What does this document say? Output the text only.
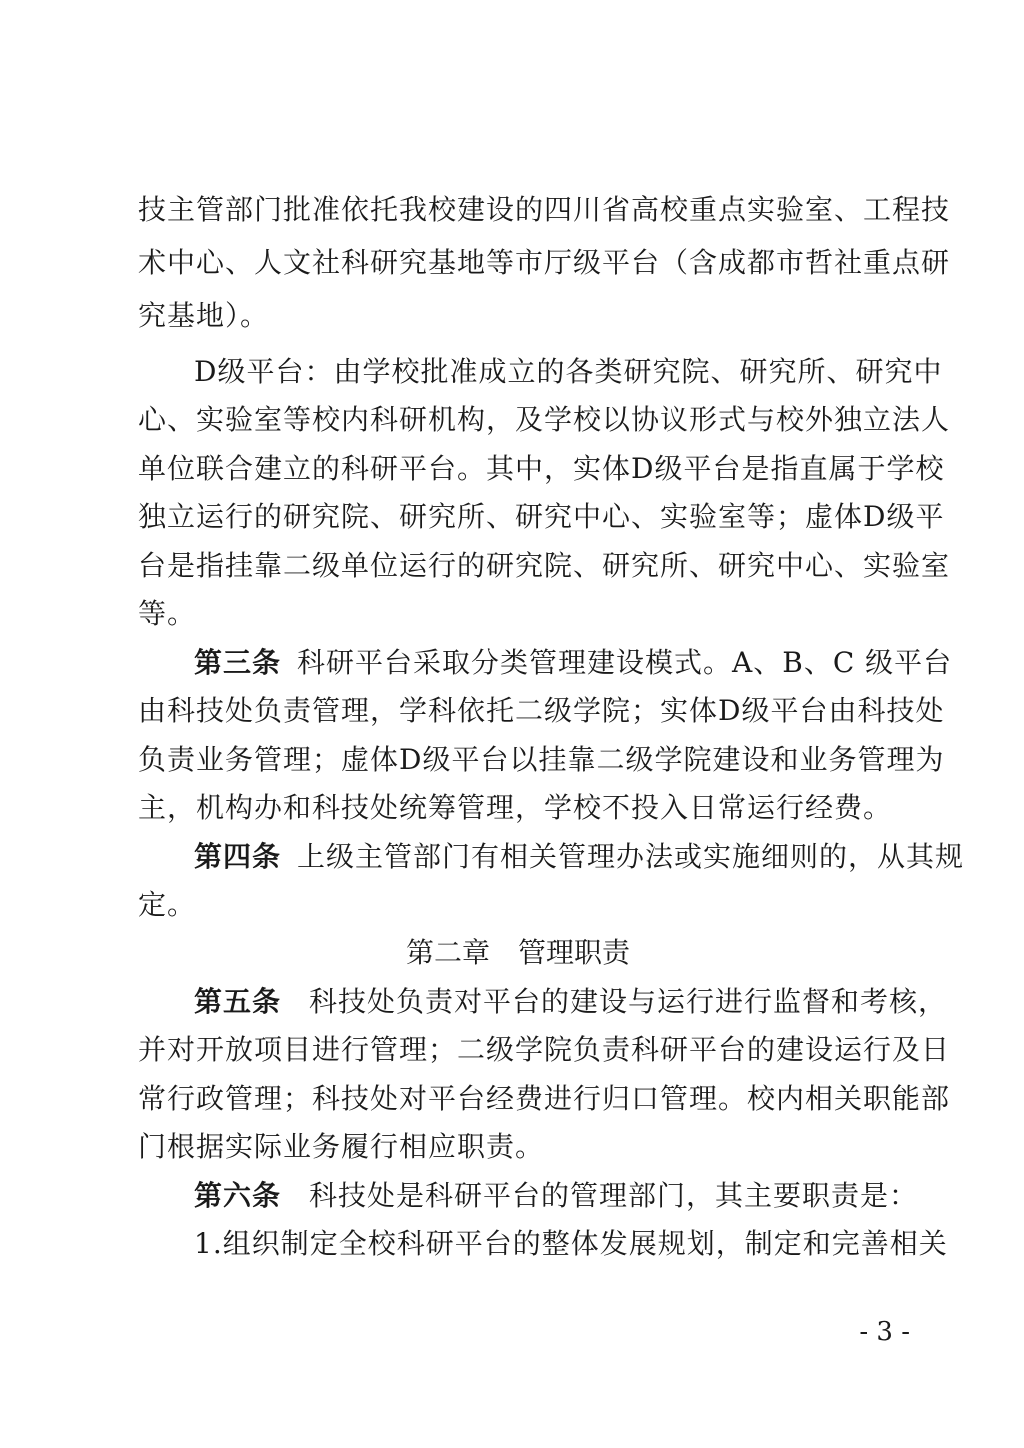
技主管部门批准依托我校建设的四川省高校重点实验室、工程技
术中心、人文社科研究基地等市厅级平台（含成都市哲社重点研
究基地）。
D级平台：由学校批准成立的各类研究院、研究所、研究中
心、实验室等校内科研机构，及学校以协议形式与校外独立法人
单位联合建立的科研平台。其中，实体D级平台是指直属于学校
独立运行的研究院、研究所、研究中心、实验室等；虚体D级平
台是指挂靠二级单位运行的研究院、研究所、研究中心、实验室
等。
第三条 科研平台采取分类管理建设模式。A、B、C 级平台
由科技处负责管理，学科依托二级学院；实体D级平台由科技处
负责业务管理；虚体D级平台以挂靠二级学院建设和业务管理为
主，机构办和科技处统筹管理，学校不投入日常运行经费。
第四条 上级主管部门有相关管理办法或实施细则的，从其规
定。
第二章　管理职责
第五条 科技处负责对平台的建设与运行进行监督和考核，
并对开放项目进行管理；二级学院负责科研平台的建设运行及日
常行政管理；科技处对平台经费进行归口管理。校内相关职能部
门根据实际业务履行相应职责。
第六条 科技处是科研平台的管理部门，其主要职责是：
1.组织制定全校科研平台的整体发展规划，制定和完善相关
- 3 -
